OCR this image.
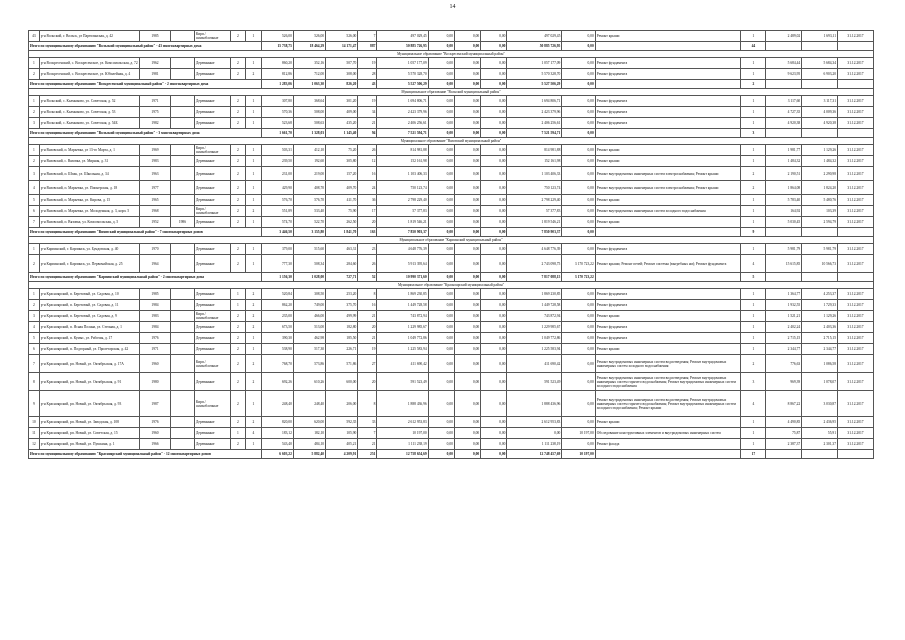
14
43	р-н Вольский, г. Вольск, ул Партизанская, д. 42	1985		Кирп./ шлакоблочные	2	1	526,00	526,00	526,00	7	497 029,45	0,00	0,00	0,00	497 029,45	0,00	Ремонт крыши	1	2 489,02	1 693,11	31.12.2017
Итого по муниципальному образованию "Вольский муниципальный район" - 43 многоквартирных дома							15 738,75	18 464,29	14 171,47	887	50 885 726,95	0,00	0,00	0,00	50 885 726,95	0,00		44			
Муниципальное образование "Воскресенский муниципальный район"																					
1	р-н Воскресенский, с. Воскресенское, ул. Комсомольская, д. 72	1962		Деревянные	2	1	860,20	352,16	507,70	19	1 057 177,09	0,00	0,00	0,00	1 057 177,09	0,00	Ремонт фундамента	1	5 684,44	5 684,34	31.12.2017
2	р-н Воскресенский, с. Воскресенское, ул. Юбилейная, д. 4	1981		Деревянные	2	2	812,86	712,00	308,00	28	5 570 328,70	0,00	0,00	0,00	5 570 328,70	0,00	Ремонт фундамента	1	9 623,95	6 903,20	31.12.2017
Итого по муниципальному образованию "Воскресенский муниципальный район" - 2 многоквартирных дома							1 283,06	1 063,30	826,20	43	5 527 506,29	0,00	0,00	0,00	5 527 506,29	0,00		2			
Муниципальное образование "Вольский муниципальный район"																					
1	р-н Вольский, с. Калмыково, ул. Советская, д. 52	1971		Деревянные	2	1	307,80	368,64	301,20	19	1 694 806,71	0,00	0,00	0,00	1 694 806,71	0,00	Ремонт фундамента	1	3 117,60	3 117,31	31.12.2017
2	р-н Вольский, с. Калмыково, ул. Советская, д. 53	1975		Деревянные	2	1	570,36	508,00	409,00	34	2 423 379,96	0,00	0,00	0,00	2 423 379,96	0,00	Ремонт фундамента	1	4 727,35	4 009,36	31.12.2017
3	р-н Вольский, с. Калмыково, ул. Советская, д. 54Б	1982		Деревянные	2	1	523,68	508,63	435,20	21	2 406 256,61	0,00	0,00	0,00	2 406 256,61	0,00	Ремонт фундамента	1	4 920,38	4 920,38	31.12.2017
Итого по муниципальному образованию "Вольский муниципальный район" - 3 многоквартирных дома							1 661,70	1 328,03	1 145,40	94	7 521 594,71	0,00	0,00	0,00	7 521 594,71	0,00		3			
Муниципальное образование "Вязовский муниципальный район"																					
1	р-н Вязовский, п. Марьевка, ул 13-го Марта, д. 1	1969		Кирп./ шлакоблочные	2	1	503,31	412,10	75,20	26	814 981,88	0,00	0,00	0,00	814 981,88	0,00	Ремонт крыши	1	1 981,77	1 129,26	31.12.2017
2	р-н Вязовский, с. Вязовка, ул. Мирная, д. 31	1983		Деревянные	2	1	239,50	192,60	305,80	12	152 161,98	0,00	0,00	0,00	152 161,98	0,00	Ремонт крыши	1	1 484,32	1 484,32	31.12.2017
3	р-н Вязовский, п. Шпак, ул. Школьная, д. 34	1963		Деревянные	2	1	231,00	219,00	157,20	16	1 103 406,33	0,00	0,00	0,00	1 103 406,33	0,00	Ремонт внутридомовых инженерных систем электроснабжения; Ремонт крыши	2	2 190,51	2 290,98	31.12.2017
4	р-н Вязовский, п. Марьевка, ул. Пионерская, д. 18	1977		Деревянные	2	1	429,90	408,70	409,70	24	750 123,74	0,00	0,00	0,00	750 123,74	0,00	Ремонт внутридомовых инженерных систем электроснабжения; Ремонт крыши	2	1 864,08	1 824,20	31.12.2017
5	р-н Вязовский, п. Марьевка, ул. Кирова, д. 15	1965		Деревянные	2	1	576,70	576,70	411,70	36	2 798 229,40	0,00	0,00	0,00	2 798 229,40	0,00	Ремонт крыши	1	5 783,40	5 480,76	31.12.2017
6	р-н Вязовский, п. Марьевка, ул. Молодежная, д. 3, корп. 5	1968		Кирп./ шлакоблочные	2	2	551,89	533,40	75,90	17	57 377,83	0,00	0,00	0,00	57 377,83	0,00	Ремонт внутридомовых инженерных систем холодного водоснабжения	1	164,92	103,39	31.12.2017
7	р-н Вязовский, п. Вязовка, ул. Комсомольская, д. 5	1952	1986	Деревянные	2	1	574,70	522,70	262,50	20	1 819 546,21	0,00	0,00	0,00	1 819 546,21	0,00	Ремонт крыши	1	5 030,45	2 594,79	31.12.2017
Итого по муниципальному образованию "Вязовский муниципальный район" - 7 многоквартирных домов							3 446,50	3 155,80	1 841,70	163	7 850 903,37	0,00	0,00	0,00	7 850 903,37	0,00		9			
Муниципальное образование "Карпинский муниципальный район"																					
1	р-н Карпинский, г. Карпинск, ул. Бундовская, д. 40	1970		Деревянные	2	1	379,00	515,60	463,31	23	4 648 776,39	0,00	0,00	0,00	4 648 776,39	0,00	Ремонт фундамента	1	5 981,79	5 981,79	31.12.2017
2	р-н Карпинский, г. Карпинск, ул. Первомайская, д. 25	1964		Деревянные	2	1	777,30	508,34	284,60	26	5 913 395,64	0,00	0,00	0,00	2 743 098,75	3 170 723,22	Ремонт крыши; Ремонт печей; Ремонт системы (выгребных ям); Ремонт фундамента	4	15 615,85	10 566,73	31.12.2017
Итого по муниципальному образованию "Карпинский муниципальный район" - 2 многоквартирных дома							1 156,30	1 028,00	727,71	52	10 990 371,60	0,00	0,00	0,00	7 817 088,15	3 170 723,22		5			
Муниципальное образование "Красноярский муниципальный район"																					
1	р-н Красноярский, п. Березовый, ул. Садовая, д. 10	1985		Деревянные	1	2	520,84	308,50	253,20	8	1 869 230,85	0,00	0,00	0,00	1 869 230,85	0,00	Ремонт фундамента	1	1 364,77	4 253,37	31.12.2017
2	р-н Красноярский, п. Березовый, ул. Садовая, д. 11	1984		Деревянные	1	2	862,20	749,00	375,70	16	1 449 728,58	0,00	0,00	0,00	1 449 728,58	0,00	Ремонт фундамента	1	1 932,55	1 729,33	31.12.2017
3	р-н Красноярский, п. Березовый, ул. Садовая, д. 9	1983		Кирп./ шлакоблочные	2	2	235,00	466,00	499,99	21	743 872,94	0,00	0,00	0,00	743 872,94	0,00	Ремонт крыши	1	1 521,21	1 129,26	31.12.2017
4	р-н Красноярский, п. Ясная Поляна, ул. Степная, д. 1	1984		Деревянные	2	2	673,50	513,00	182,80	20	1 229 985,67	0,00	0,00	0,00	1 229 985,67	0,00	Ремонт фундамента	1	2 402,24	2 403,36	31.12.2017
5	р-н Красноярский, п. Кумыс, ул. Рабочая, д. 17	1976		Деревянные	2	1	390,30	462,98	185,50	21	1 049 772,86	0,00	0,00	0,00	1 049 772,86	0,00	Ремонт фундамента	1	2 715,15	2 715,15	31.12.2017
6	р-н Красноярский, п. Подгорный, ул. Пролетарская, д. 42	1971		Деревянные	2	1	538,90	517,30	226,71	19	1 225 583,94	0,00	0,00	0,00	1 225 583,94	0,00	Ремонт крыши	1	2 344,77	2 344,77	31.12.2017
7	р-н Красноярский, рп. Новый, ул. Октябрьская, д. 17А	1960		Кирп./ шлакоблочные	2	2	768,70	573,86	571,86	27	411 690,42	0,00	0,00	0,00	411 690,42	0,00	Ремонт внутридомовых инженерных систем водоотведения; Ремонт внутридомовых инженерных систем холодного водоснабжения	2	776,63	1 086,58	31.12.2017
8	р-н Красноярский, рп. Новый, ул. Октябрьская, д. 91	1980		Деревянные	2	2	692,26	610,26	600,00	20	591 523,49	0,00	0,00	0,00	591 523,49	0,00	Ремонт внутридомовых инженерных систем водоотведения; Ремонт внутридомовых инженерных систем горячего водоснабжения; Ремонт внутридомовых инженерных систем холодного водоснабжения	3	969,39	1 078,07	31.12.2017
9	р-н Красноярский, рп. Новый, ул. Октябрьская, д. 93	1987		Кирп./ шлакоблочные	2	1	248,40	248,40	206,00	8	1 888 436,96	0,00	0,00	0,00	1 888 436,96	0,00	Ремонт внутридомовых инженерных систем водоотведения; Ремонт внутридомовых инженерных систем горячего водоснабжения; Ремонт внутридомовых инженерных систем холодного водоснабжения; Ремонт крыши	4	8 867,22	3 030,87	31.12.2017
10	р-н Красноярский, рп. Новый, ул. Заводская, д. 108	1976		Деревянные	2	2	820,00	620,00	592,35	33	2 612 953,83	0,00	0,00	0,00	2 612 953,83	0,00	Ремонт крыши	1	4 490,85	2 436,95	31.12.2017
11	р-н Красноярский, рп. Новый, ул. Советская, д. 15	1960		Деревянные	1	4	183,12	182,10	105,90	7	10 197,00	0,00	0,00	0,00	0,00	10 197,00	Обследование конструктивных элементов и внутридомовых инженерных систем	1	75,87	55,91	31.12.2017
12	р-н Красноярский, рп. Новый, ул. Пушкина, д. 1	1966		Деревянные	2	1	543,40	484,10	405,21	21	1 111 238,19	0,00	0,00	0,00	1 111 238,19	0,00	Ремонт фасада	1	2 387,37	2 301,37	31.12.2017
Итого по муниципальному образованию "Красноярский муниципальный район" - 12 многоквартирных домов							6 603,22	5 882,40	4 209,91	251	12 758 654,69	0,00	0,00	0,00	12 748 457,69	10 197,00		17			
